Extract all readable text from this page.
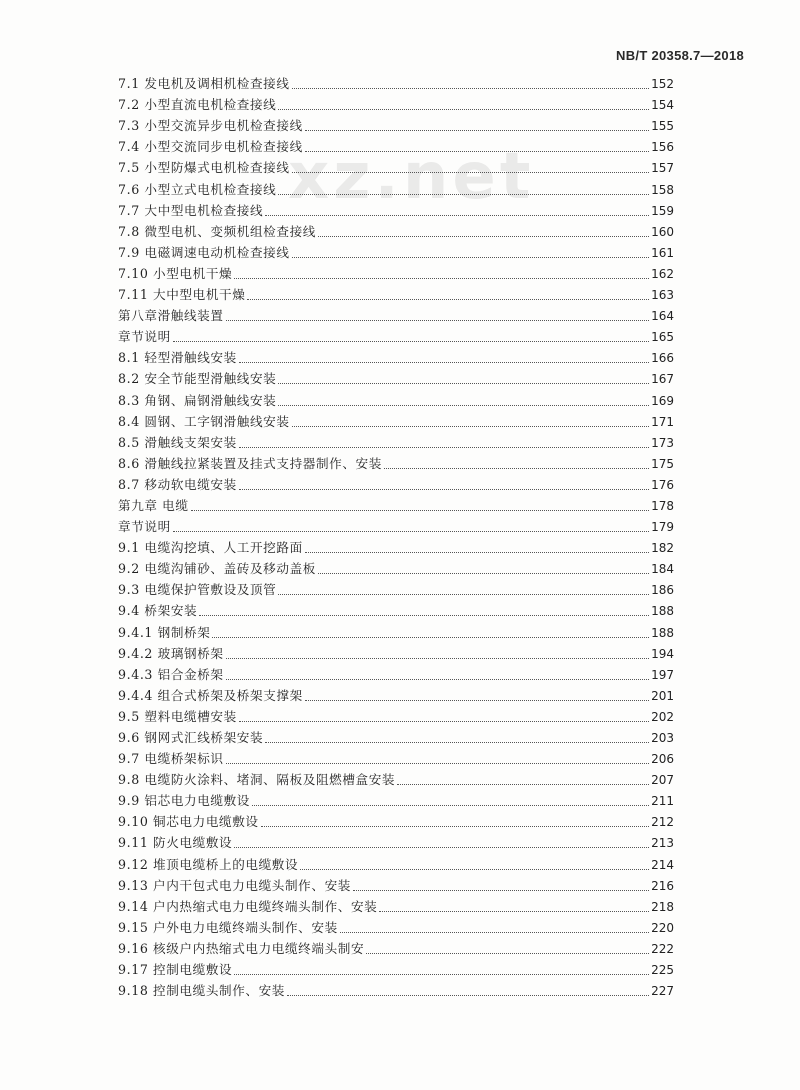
NB/T 20358.7—2018
xz.net
7.1 发电机及调相机检查接线	152
7.2 小型直流电机检查接线	154
7.3 小型交流异步电机检查接线	155
7.4 小型交流同步电机检查接线	156
7.5 小型防爆式电机检查接线	157
7.6 小型立式电机检查接线	158
7.7 大中型电机检查接线	159
7.8 微型电机、变频机组检查接线	160
7.9 电磁调速电动机检查接线	161
7.10 小型电机干燥	162
7.11 大中型电机干燥	163
第八章滑触线装置	164
章节说明	165
8.1 轻型滑触线安装	166
8.2 安全节能型滑触线安装	167
8.3 角钢、扁钢滑触线安装	169
8.4 圆钢、工字钢滑触线安装	171
8.5 滑触线支架安装	173
8.6 滑触线拉紧装置及挂式支持器制作、安装	175
8.7 移动软电缆安装	176
第九章 电缆	178
章节说明	179
9.1 电缆沟挖填、人工开挖路面	182
9.2 电缆沟铺砂、盖砖及移动盖板	184
9.3 电缆保护管敷设及顶管	186
9.4 桥架安装	188
9.4.1 钢制桥架	188
9.4.2 玻璃钢桥架	194
9.4.3 铝合金桥架	197
9.4.4 组合式桥架及桥架支撑架	201
9.5 塑料电缆槽安装	202
9.6 钢网式汇线桥架安装	203
9.7 电缆桥架标识	206
9.8 电缆防火涂料、堵洞、隔板及阻燃槽盒安装	207
9.9 铝芯电力电缆敷设	211
9.10 铜芯电力电缆敷设	212
9.11 防火电缆敷设	213
9.12 堆顶电缆桥上的电缆敷设	214
9.13 户内干包式电力电缆头制作、安装	216
9.14 户内热缩式电力电缆终端头制作、安装	218
9.15 户外电力电缆终端头制作、安装	220
9.16 核级户内热缩式电力电缆终端头制安	222
9.17 控制电缆敷设	225
9.18 控制电缆头制作、安装	227
